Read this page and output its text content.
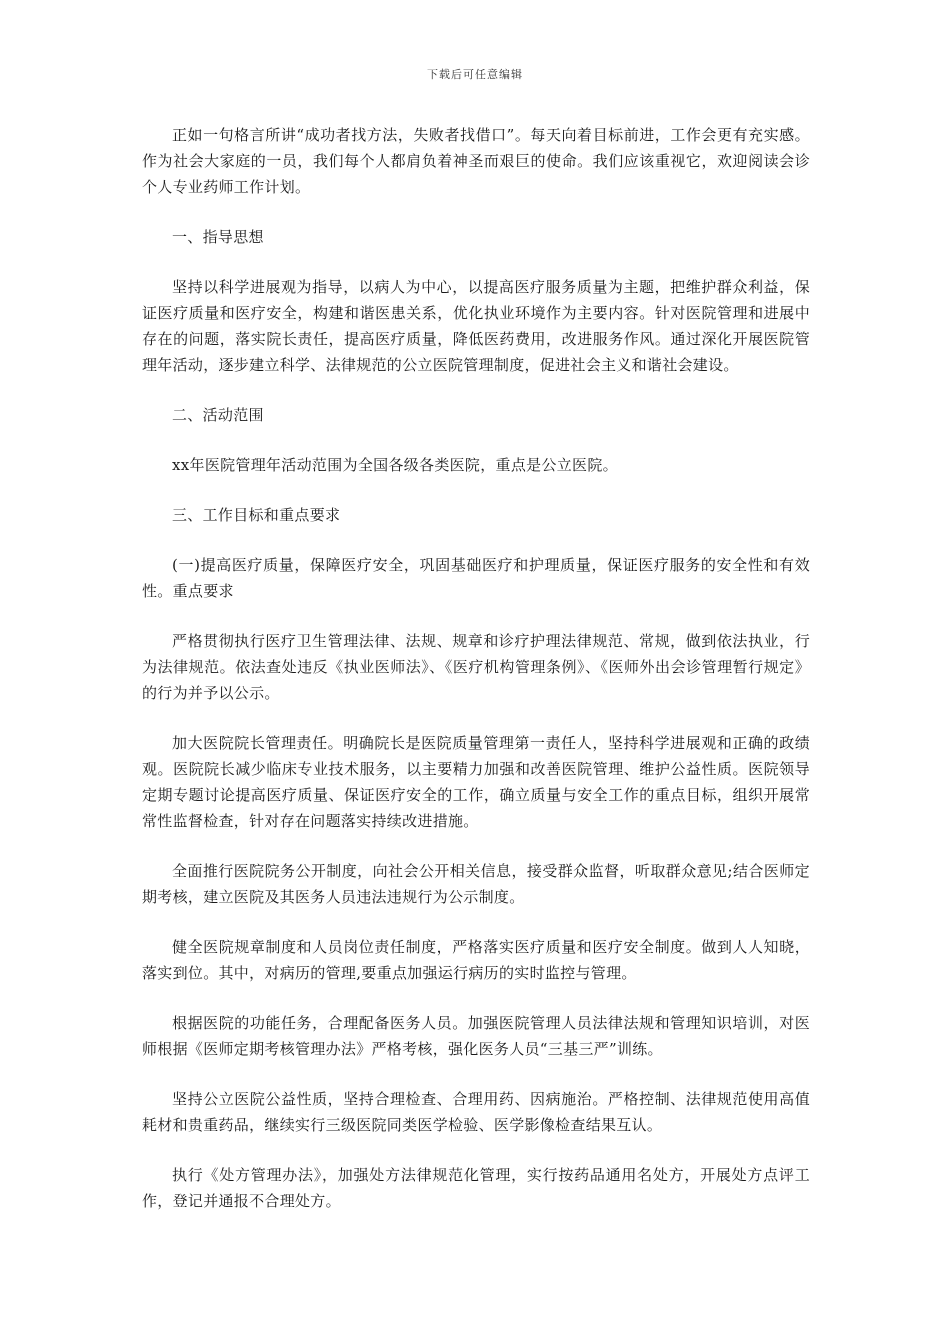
下载后可任意编辑

正如一句格言所讲“成功者找方法，失败者找借口”。每天向着目标前进，工作会更有充实感。作为社会大家庭的一员，我们每个人都肩负着神圣而艰巨的使命。我们应该重视它，欢迎阅读会诊个人专业药师工作计划。

一、指导思想

坚持以科学进展观为指导，以病人为中心，以提高医疗服务质量为主题，把维护群众利益，保证医疗质量和医疗安全，构建和谐医患关系，优化执业环境作为主要内容。针对医院管理和进展中存在的问题，落实院长责任，提高医疗质量，降低医药费用，改进服务作风。通过深化开展医院管理年活动，逐步建立科学、法律规范的公立医院管理制度，促进社会主义和谐社会建设。

二、活动范围

xx年医院管理年活动范围为全国各级各类医院，重点是公立医院。

三、工作目标和重点要求

(一)提高医疗质量，保障医疗安全，巩固基础医疗和护理质量，保证医疗服务的安全性和有效性。重点要求

严格贯彻执行医疗卫生管理法律、法规、规章和诊疗护理法律规范、常规，做到依法执业，行为法律规范。依法查处违反《执业医师法》、《医疗机构管理条例》、《医师外出会诊管理暂行规定》的行为并予以公示。

加大医院院长管理责任。明确院长是医院质量管理第一责任人，坚持科学进展观和正确的政绩观。医院院长减少临床专业技术服务，以主要精力加强和改善医院管理、维护公益性质。医院领导定期专题讨论提高医疗质量、保证医疗安全的工作，确立质量与安全工作的重点目标，组织开展常常性监督检查，针对存在问题落实持续改进措施。

全面推行医院院务公开制度，向社会公开相关信息，接受群众监督，听取群众意见;结合医师定期考核，建立医院及其医务人员违法违规行为公示制度。

健全医院规章制度和人员岗位责任制度，严格落实医疗质量和医疗安全制度。做到人人知晓，落实到位。其中，对病历的管理,要重点加强运行病历的实时监控与管理。

根据医院的功能任务，合理配备医务人员。加强医院管理人员法律法规和管理知识培训，对医师根据《医师定期考核管理办法》严格考核，强化医务人员“三基三严”训练。

坚持公立医院公益性质，坚持合理检查、合理用药、因病施治。严格控制、法律规范使用高值耗材和贵重药品，继续实行三级医院同类医学检验、医学影像检查结果互认。

执行《处方管理办法》，加强处方法律规范化管理，实行按药品通用名处方，开展处方点评工作，登记并通报不合理处方。
